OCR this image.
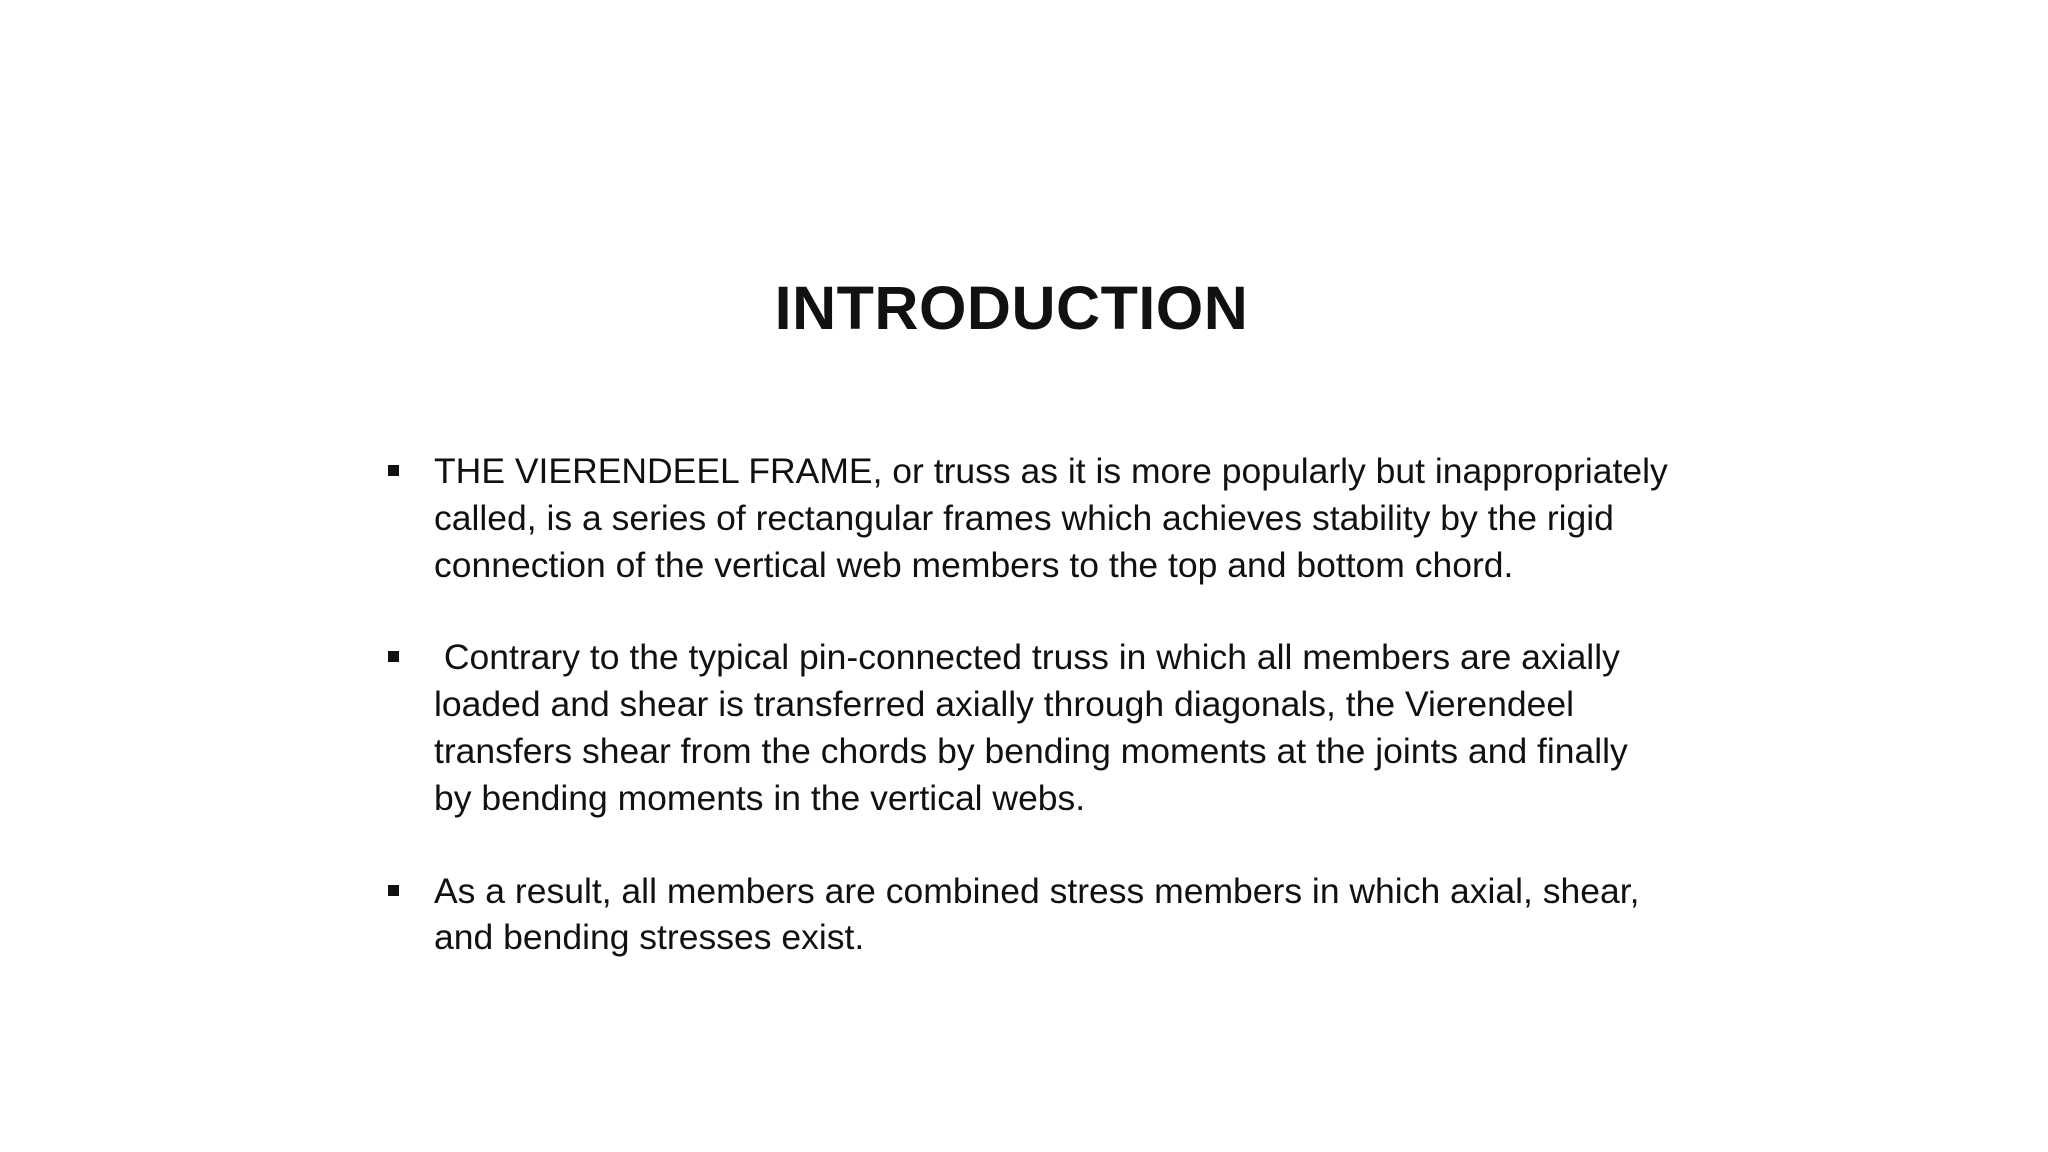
INTRODUCTION
THE VIERENDEEL FRAME, or truss as it is more popularly but inappropriately called, is a series of rectangular frames which achieves stability by the rigid connection of the vertical web members to the top and bottom chord.
Contrary to the typical pin-connected truss in which all members are axially loaded and shear is transferred axially through diagonals, the Vierendeel transfers shear from the chords by bending moments at the joints and finally by bending moments in the vertical webs.
As a result, all members are combined stress members in which axial, shear, and bending stresses exist.
